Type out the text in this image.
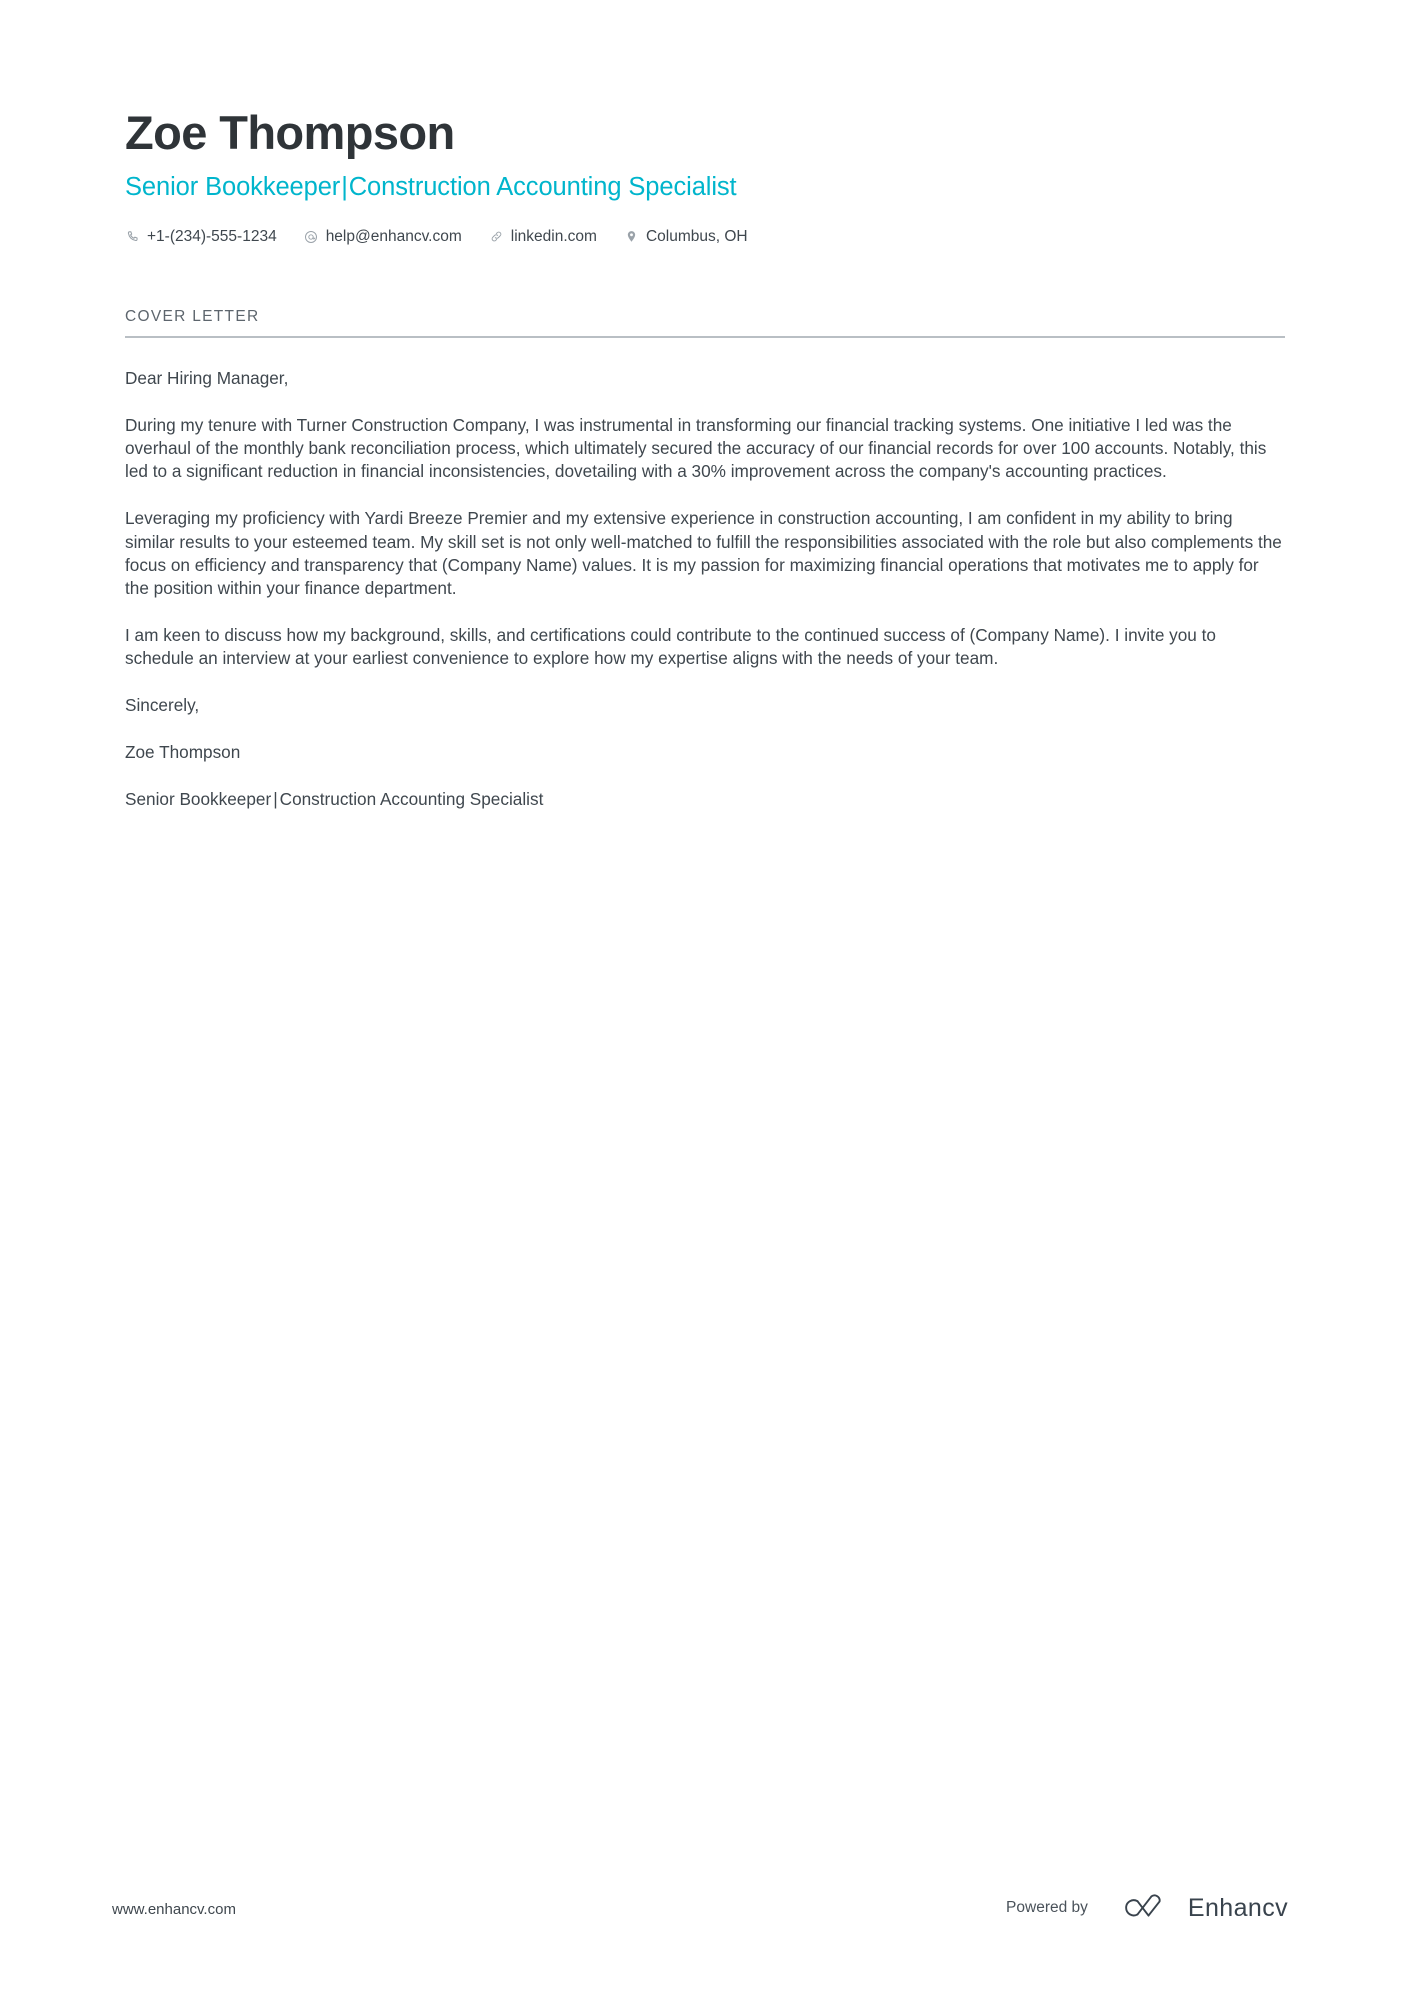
Zoe Thompson
Senior Bookkeeper|Construction Accounting Specialist
+1-(234)-555-1234	help@enhancv.com	linkedin.com	Columbus, OH
COVER LETTER

Dear Hiring Manager,

During my tenure with Turner Construction Company, I was instrumental in transforming our financial tracking systems. One initiative I led was the overhaul of the monthly bank reconciliation process, which ultimately secured the accuracy of our financial records for over 100 accounts. Notably, this led to a significant reduction in financial inconsistencies, dovetailing with a 30% improvement across the company's accounting practices.

Leveraging my proficiency with Yardi Breeze Premier and my extensive experience in construction accounting, I am confident in my ability to bring similar results to your esteemed team. My skill set is not only well-matched to fulfill the responsibilities associated with the role but also complements the focus on efficiency and transparency that (Company Name) values. It is my passion for maximizing financial operations that motivates me to apply for the position within your finance department.

I am keen to discuss how my background, skills, and certifications could contribute to the continued success of (Company Name). I invite you to schedule an interview at your earliest convenience to explore how my expertise aligns with the needs of your team.

Sincerely,

Zoe Thompson

Senior Bookkeeper | Construction Accounting Specialist

www.enhancv.com	Powered by	Enhancv
